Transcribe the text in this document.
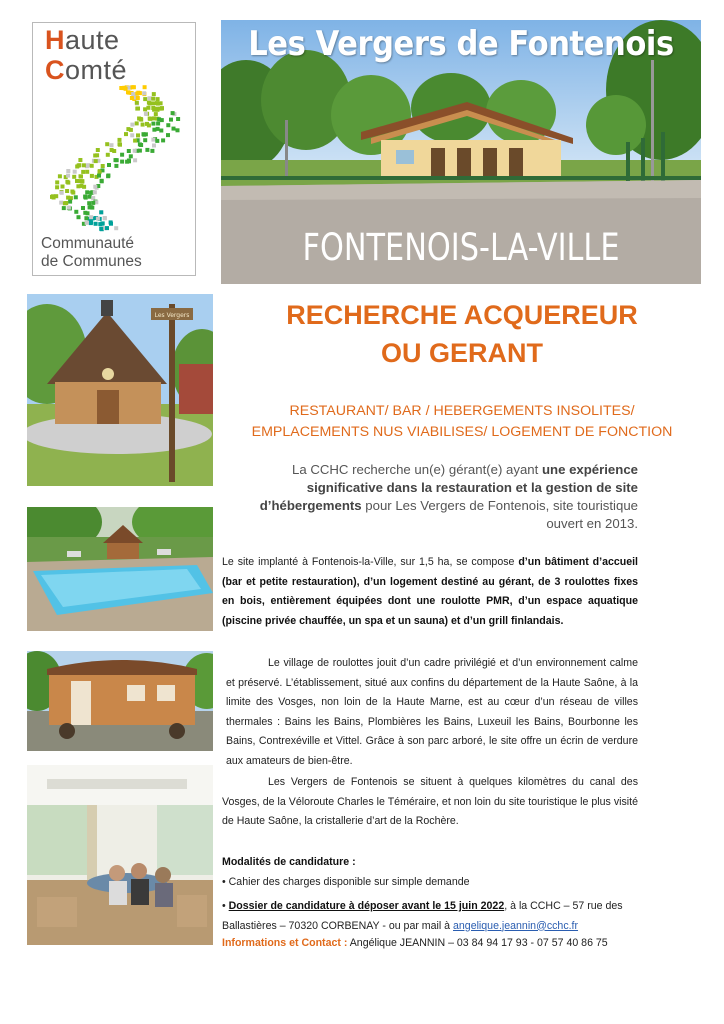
Haute
Comté
Communauté
de Communes
Les Vergers de Fontenois
FONTENOIS-LA-VILLE
Les Vergers	RECHERCHE ACQUEREUR
OU GERANT
RESTAURANT/ BAR / HEBERGEMENTS INSOLITES/
EMPLACEMENTS NUS VIABILISES/ LOGEMENT DE FONCTION
La CCHC recherche un(e) gérant(e) ayant une expérience significative dans la restauration et la gestion de site d’hébergements pour Les Vergers de Fontenois, site touristique ouvert en 2013.
Le site implanté à Fontenois-la-Ville, sur 1,5 ha, se compose d’un bâtiment d’accueil (bar et petite restauration), d’un logement destiné au gérant, de 3 roulottes fixes en bois, entièrement équipées dont une roulotte PMR, d’un espace aquatique (piscine privée chauffée, un spa et un sauna) et d’un grill finlandais.
Le village de roulottes jouit d’un cadre privilégié et d’un environnement calme et préservé. L’établissement, situé aux confins du département de la Haute Saône, à la limite des Vosges, non loin de la Haute Marne, est au cœur d’un réseau de villes thermales : Bains les Bains, Plombières les Bains, Luxeuil les Bains, Bourbonne les Bains, Contrexéville et Vittel. Grâce à son parc arboré, le site offre un écrin de verdure aux amateurs de bien-être.
Les Vergers de Fontenois se situent à quelques kilomètres du canal des Vosges, de la Véloroute Charles le Téméraire, et non loin du site touristique le plus visité de Haute Saône, la cristallerie d’art de la Rochère.
Modalités de candidature :
• Cahier des charges disponible sur simple demande
• Dossier de candidature à déposer avant le 15 juin 2022, à la CCHC – 57 rue des Ballastières – 70320 CORBENAY - ou par mail à angelique.jeannin@cchc.fr
Informations et Contact : Angélique JEANNIN – 03 84 94 17 93 - 07 57 40 86 75
